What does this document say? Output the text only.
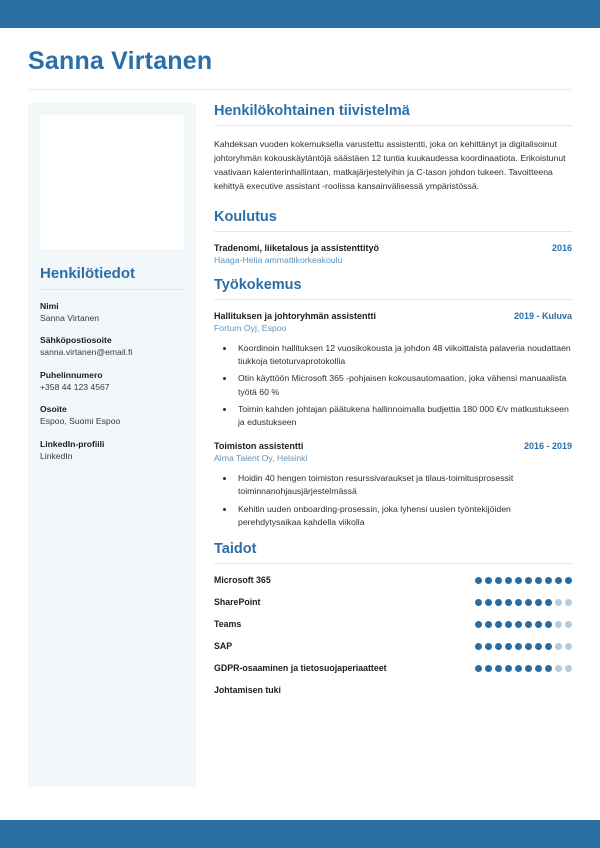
Sanna Virtanen
Henkilötiedot
Nimi
Sanna Virtanen
Sähköpostiosoite
sanna.virtanen@email.fi
Puhelinnumero
+358 44 123 4567
Osoite
Espoo, Suomi Espoo
LinkedIn-profiili
LinkedIn
Henkilökohtainen tiivistelmä

Kahdeksan vuoden kokemuksella varustettu assistentti, joka on kehittänyt ja digitalisoinut johtoryhmän kokouskäytäntöjä säästäen 12 tuntia kuukaudessa koordinaatiota. Erikoistunut vaativaan kalenterinhallintaan, matkajärjestelyihin ja C-tason johdon tukeen. Tavoitteena kehittyä executive assistant -roolissa kansainvälisessä ympäristössä.

Koulutus
Tradenomi, liiketalous ja assistenttityö	2016
Haaga-Helia ammattikorkeakoulu
Työkokemus
Hallituksen ja johtoryhmän assistentti	2019 - Kuluva
Fortum Oyj, Espoo
• Koordinoin hallituksen 12 vuosikokousta ja johdon 48 viikoittaista palaveria noudattaen tiukkoja tietoturvaprotokollia
• Otin käyttöön Microsoft 365 -pohjaisen kokousautomaation, joka vähensi manuaalista työtä 60 %
• Toimin kahden johtajan päätukena hallinnoimalla budjettia 180 000 €/v matkustukseen ja edustukseen
Toimiston assistentti	2016 - 2019
Alma Talent Oy, Helsinki
• Hoidin 40 hengen toimiston resurssivaraukset ja tilaus-toimitusprosessit toiminnanohjausjärjestelmässä
• Kehitin uuden onboarding-prosessin, joka lyhensi uusien työntekijöiden perehdytysaikaa kahdella viikolla
Taidot
Microsoft 365
SharePoint
Teams
SAP
GDPR-osaaminen ja tietosuojaperiaatteet
Johtamisen tuki
